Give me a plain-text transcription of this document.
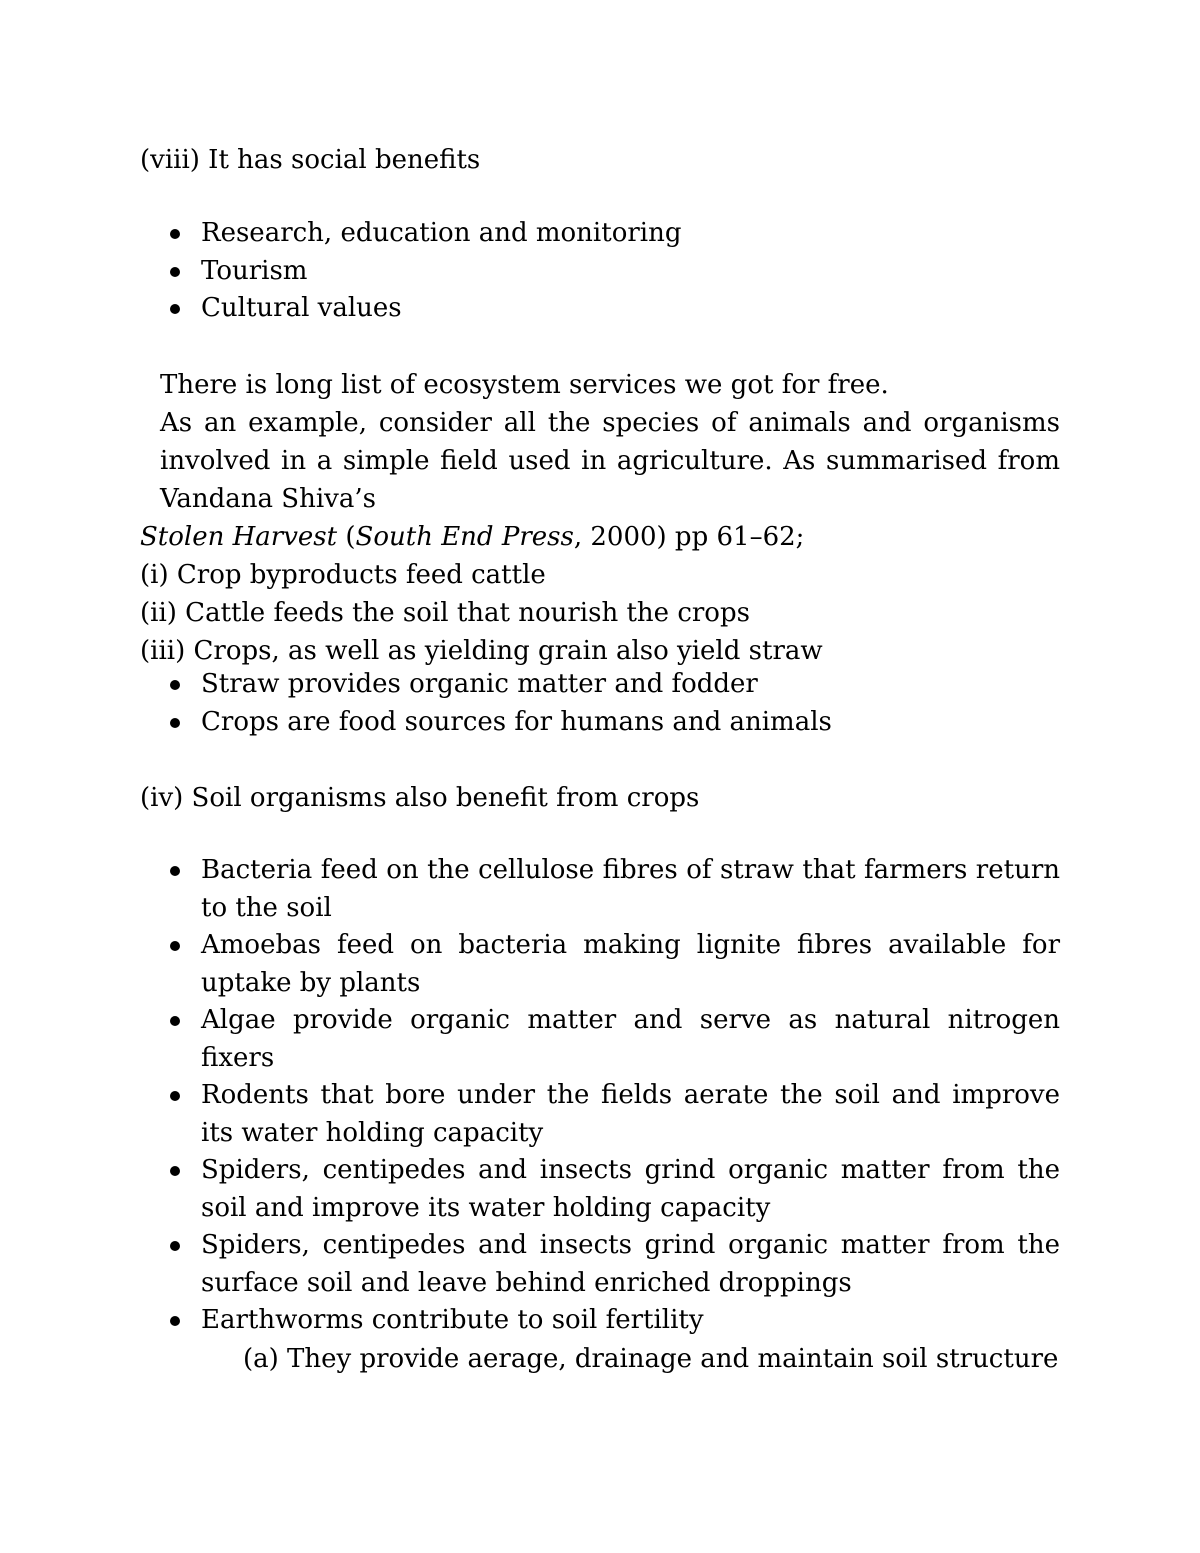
(viii) It has social benefits

Research, education and monitoring
Tourism
Cultural values
There is long list of ecosystem services we got for free.
As an example, consider all the species of animals and organisms involved in a simple field used in agriculture. As summarised from Vandana Shiva’s
Stolen Harvest (South End Press, 2000) pp 61–62;
(i) Crop byproducts feed cattle
(ii) Cattle feeds the soil that nourish the crops
(iii) Crops, as well as yielding grain also yield straw
Straw provides organic matter and fodder
Crops are food sources for humans and animals

(iv) Soil organisms also benefit from crops

Bacteria feed on the cellulose fibres of straw that farmers return to the soil
Amoebas feed on bacteria making lignite fibres available for uptake by plants
Algae provide organic matter and serve as natural nitrogen fixers
Rodents that bore under the fields aerate the soil and improve its water holding capacity
Spiders, centipedes and insects grind organic matter from the soil and improve its water holding capacity
Spiders, centipedes and insects grind organic matter from the surface soil and leave behind enriched droppings
Earthworms contribute to soil fertility

(a) They provide aerage, drainage and maintain soil structure
